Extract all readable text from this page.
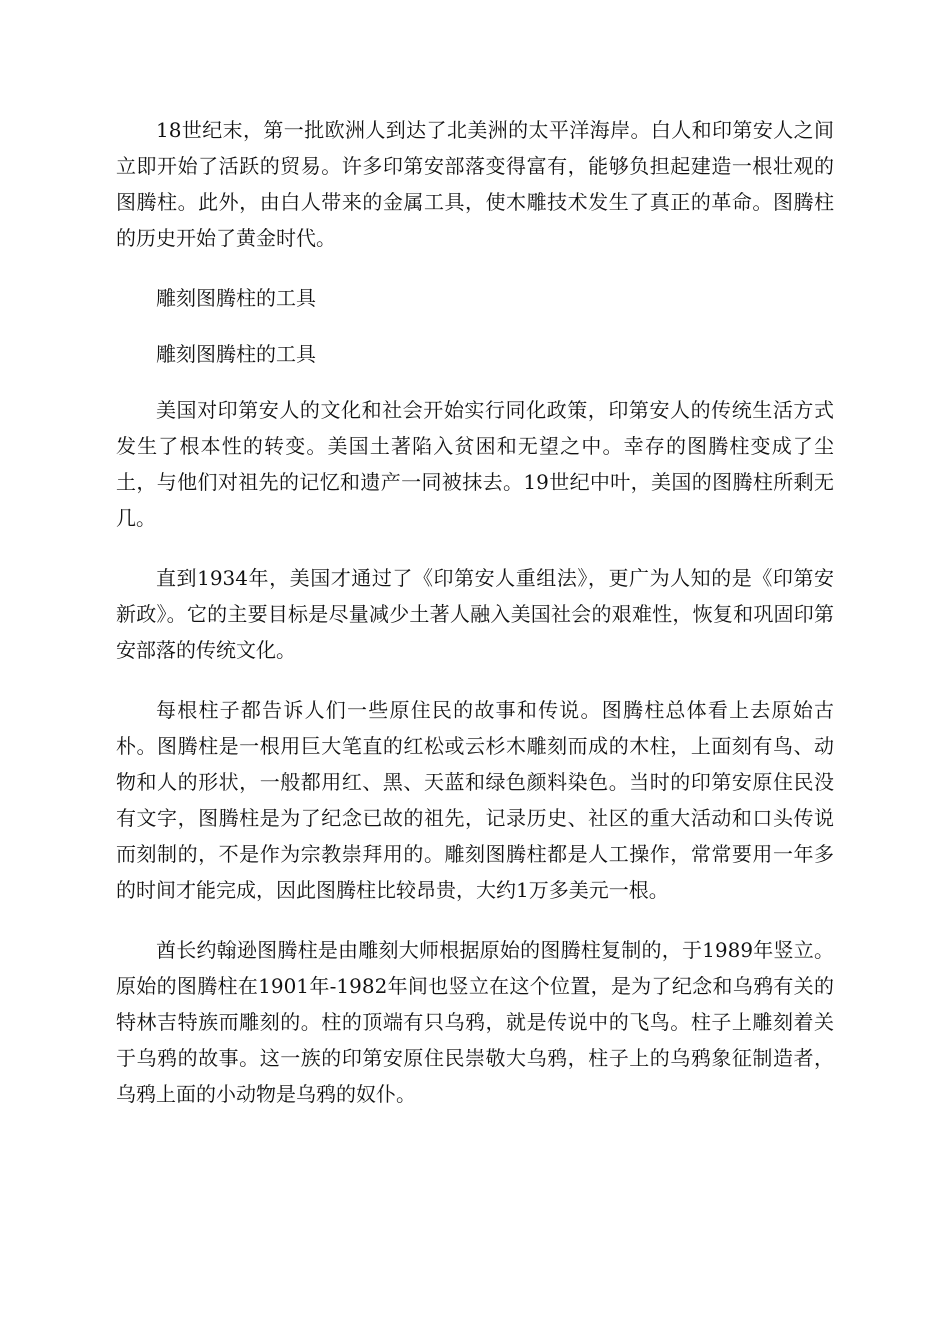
18世纪末，第一批欧洲人到达了北美洲的太平洋海岸。白人和印第安人之间立即开始了活跃的贸易。许多印第安部落变得富有，能够负担起建造一根壮观的图腾柱。此外，由白人带来的金属工具，使木雕技术发生了真正的革命。图腾柱的历史开始了黄金时代。

雕刻图腾柱的工具

雕刻图腾柱的工具

美国对印第安人的文化和社会开始实行同化政策，印第安人的传统生活方式发生了根本性的转变。美国土著陷入贫困和无望之中。幸存的图腾柱变成了尘土，与他们对祖先的记忆和遗产一同被抹去。19世纪中叶，美国的图腾柱所剩无几。

直到1934年，美国才通过了《印第安人重组法》，更广为人知的是《印第安新政》。它的主要目标是尽量减少土著人融入美国社会的艰难性，恢复和巩固印第安部落的传统文化。

每根柱子都告诉人们一些原住民的故事和传说。图腾柱总体看上去原始古朴。图腾柱是一根用巨大笔直的红松或云杉木雕刻而成的木柱，上面刻有鸟、动物和人的形状，一般都用红、黑、天蓝和绿色颜料染色。当时的印第安原住民没有文字，图腾柱是为了纪念已故的祖先，记录历史、社区的重大活动和口头传说而刻制的，不是作为宗教崇拜用的。雕刻图腾柱都是人工操作，常常要用一年多的时间才能完成，因此图腾柱比较昂贵，大约1万多美元一根。

酋长约翰逊图腾柱是由雕刻大师根据原始的图腾柱复制的，于1989年竖立。原始的图腾柱在1901年-1982年间也竖立在这个位置，是为了纪念和乌鸦有关的特林吉特族而雕刻的。柱的顶端有只乌鸦，就是传说中的飞鸟。柱子上雕刻着关于乌鸦的故事。这一族的印第安原住民崇敬大乌鸦，柱子上的乌鸦象征制造者，乌鸦上面的小动物是乌鸦的奴仆。
